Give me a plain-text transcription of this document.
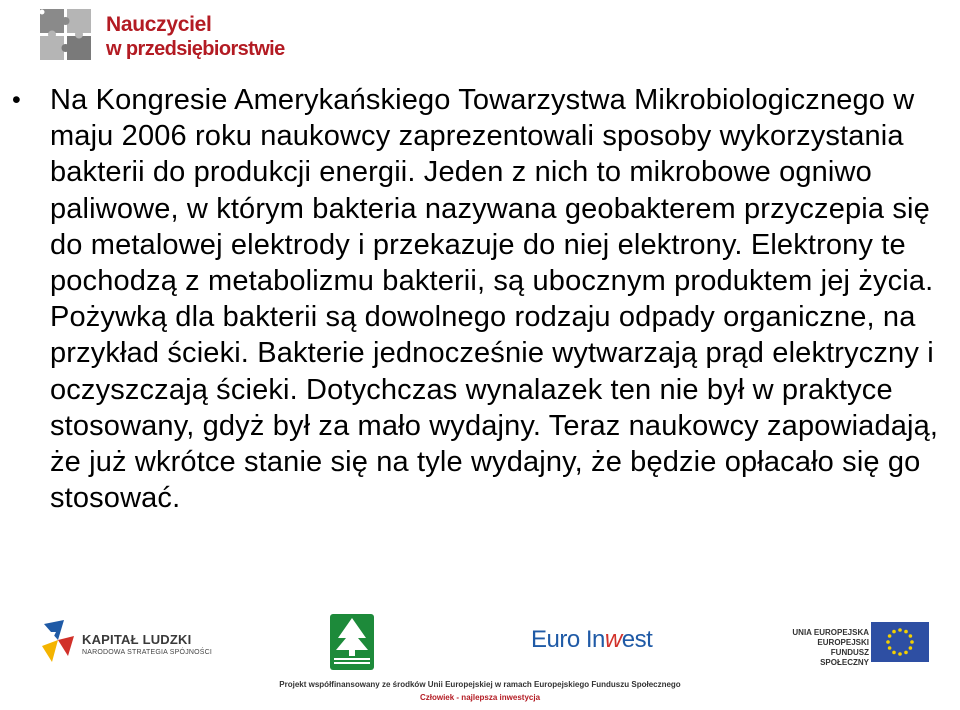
Nauczyciel
w przedsiębiorstwie
•	Na Kongresie Amerykańskiego Towarzystwa Mikrobiologicznego w maju 2006 roku naukowcy zaprezentowali sposoby wykorzystania bakterii do produkcji energii. Jeden z nich to mikrobowe ogniwo paliwowe, w którym bakteria nazywana geobakterem przyczepia się do metalowej elektrody i przekazuje do niej elektrony. Elektrony te pochodzą z metabolizmu bakterii, są ubocznym produktem jej życia. Pożywką dla bakterii są dowolnego rodzaju odpady organiczne, na przykład ścieki. Bakterie jednocześnie wytwarzają prąd elektryczny i oczyszczają ścieki. Dotychczas wynalazek ten nie był w praktyce stosowany, gdyż był za mało wydajny. Teraz naukowcy zapowiadają, że już wkrótce stanie się na tyle wydajny, że będzie opłacało się go stosować.
KAPITAŁ LUDZKI
NARODOWA STRATEGIA SPÓJNOŚCI	Euro Inwest	UNIA EUROPEJSKA
EUROPEJSKI
FUNDUSZ SPOŁECZNY
Projekt współfinansowany ze środków Unii Europejskiej w ramach Europejskiego Funduszu Społecznego
Człowiek - najlepsza inwestycja
